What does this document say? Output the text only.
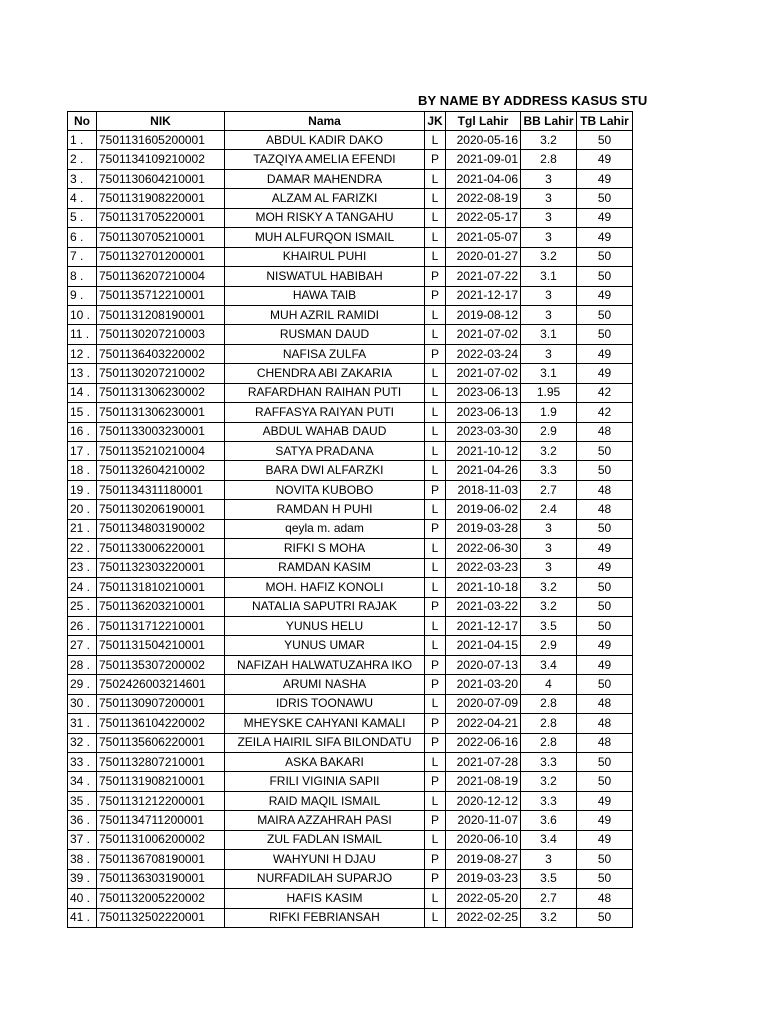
BY NAME BY ADDRESS KASUS STU
No	NIK	Nama	JK	Tgl Lahir	BB Lahir	TB Lahir
1 .	7501131605200001	ABDUL KADIR DAKO	L	2020-05-16	3.2	50
2 .	7501134109210002	TAZQIYA AMELIA EFENDI	P	2021-09-01	2.8	49
3 .	7501130604210001	DAMAR MAHENDRA	L	2021-04-06	3	49
4 .	7501131908220001	ALZAM AL FARIZKI	L	2022-08-19	3	50
5 .	7501131705220001	MOH RISKY A TANGAHU	L	2022-05-17	3	49
6 .	7501130705210001	MUH ALFURQON ISMAIL	L	2021-05-07	3	49
7 .	7501132701200001	KHAIRUL PUHI	L	2020-01-27	3.2	50
8 .	7501136207210004	NISWATUL HABIBAH	P	2021-07-22	3.1	50
9 .	7501135712210001	HAWA TAIB	P	2021-12-17	3	49
10 .	7501131208190001	MUH AZRIL RAMIDI	L	2019-08-12	3	50
11 .	7501130207210003	RUSMAN DAUD	L	2021-07-02	3.1	50
12 .	7501136403220002	NAFISA ZULFA	P	2022-03-24	3	49
13 .	7501130207210002	CHENDRA ABI ZAKARIA	L	2021-07-02	3.1	49
14 .	7501131306230002	RAFARDHAN RAIHAN PUTI	L	2023-06-13	1.95	42
15 .	7501131306230001	RAFFASYA RAIYAN PUTI	L	2023-06-13	1.9	42
16 .	7501133003230001	ABDUL WAHAB DAUD	L	2023-03-30	2.9	48
17 .	7501135210210004	SATYA PRADANA	L	2021-10-12	3.2	50
18 .	7501132604210002	BARA DWI ALFARZKI	L	2021-04-26	3.3	50
19 .	7501134311180001	NOVITA KUBOBO	P	2018-11-03	2.7	48
20 .	7501130206190001	RAMDAN H PUHI	L	2019-06-02	2.4	48
21 .	7501134803190002	qeyla m. adam	P	2019-03-28	3	50
22 .	7501133006220001	RIFKI S MOHA	L	2022-06-30	3	49
23 .	7501132303220001	RAMDAN KASIM	L	2022-03-23	3	49
24 .	7501131810210001	MOH. HAFIZ KONOLI	L	2021-10-18	3.2	50
25 .	7501136203210001	NATALIA SAPUTRI RAJAK	P	2021-03-22	3.2	50
26 .	7501131712210001	YUNUS HELU	L	2021-12-17	3.5	50
27 .	7501131504210001	YUNUS UMAR	L	2021-04-15	2.9	49
28 .	7501135307200002	NAFIZAH HALWATUZAHRA IKO	P	2020-07-13	3.4	49
29 .	7502426003214601	ARUMI NASHA	P	2021-03-20	4	50
30 .	7501130907200001	IDRIS TOONAWU	L	2020-07-09	2.8	48
31 .	7501136104220002	MHEYSKE CAHYANI KAMALI	P	2022-04-21	2.8	48
32 .	7501135606220001	ZEILA HAIRIL SIFA BILONDATU	P	2022-06-16	2.8	48
33 .	7501132807210001	ASKA BAKARI	L	2021-07-28	3.3	50
34 .	7501131908210001	FRILI VIGINIA SAPII	P	2021-08-19	3.2	50
35 .	7501131212200001	RAID MAQIL ISMAIL	L	2020-12-12	3.3	49
36 .	7501134711200001	MAIRA AZZAHRAH PASI	P	2020-11-07	3.6	49
37 .	7501131006200002	ZUL FADLAN ISMAIL	L	2020-06-10	3.4	49
38 .	7501136708190001	WAHYUNI H DJAU	P	2019-08-27	3	50
39 .	7501136303190001	NURFADILAH SUPARJO	P	2019-03-23	3.5	50
40 .	7501132005220002	HAFIS KASIM	L	2022-05-20	2.7	48
41 .	7501132502220001	RIFKI FEBRIANSAH	L	2022-02-25	3.2	50
